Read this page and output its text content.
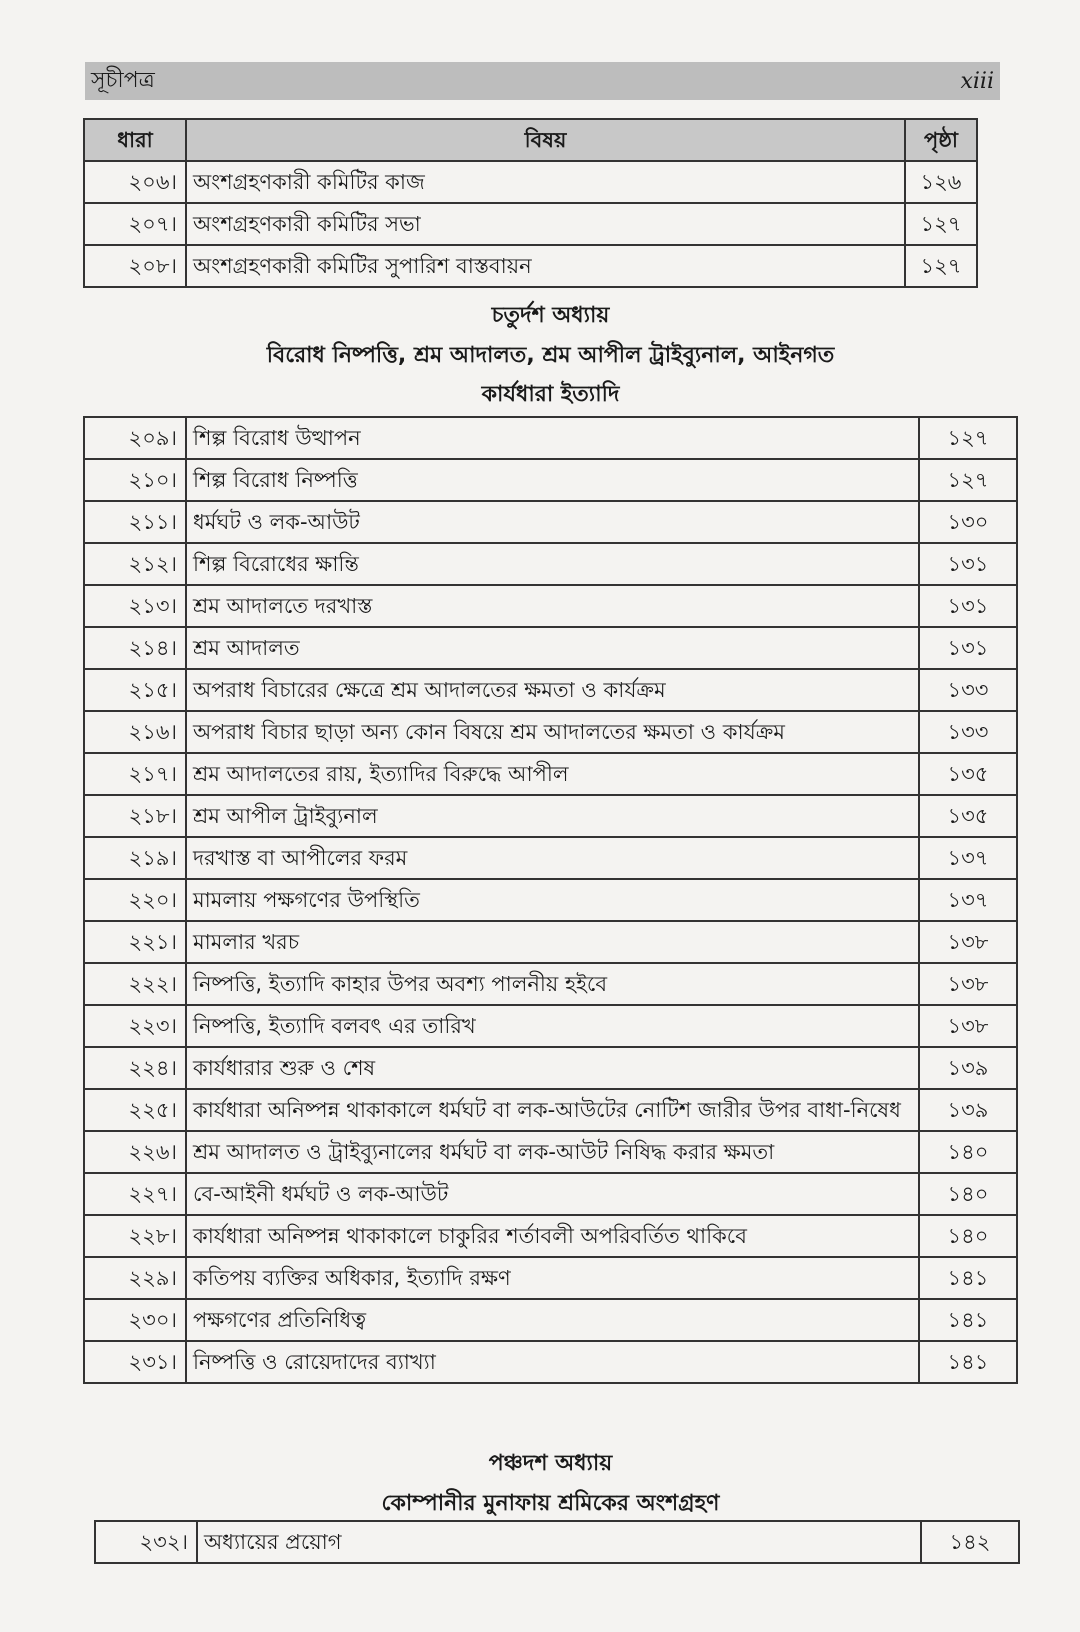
সূচীপত্র	xiii
ধারা	বিষয়	পৃষ্ঠা
২০৬।	অংশগ্রহণকারী কমিটির কাজ	১২৬
২০৭।	অংশগ্রহণকারী কমিটির সভা	১২৭
২০৮।	অংশগ্রহণকারী কমিটির সুপারিশ বাস্তবায়ন	১২৭
চতুর্দশ অধ্যায়
বিরোধ নিষ্পত্তি, শ্রম আদালত, শ্রম আপীল ট্রাইব্যুনাল, আইনগত
কার্যধারা ইত্যাদি
২০৯।	শিল্প বিরোধ উত্থাপন	১২৭
২১০।	শিল্প বিরোধ নিষ্পত্তি	১২৭
২১১।	ধর্মঘট ও লক-আউট	১৩০
২১২।	শিল্প বিরোধের ক্ষান্তি	১৩১
২১৩।	শ্রম আদালতে দরখাস্ত	১৩১
২১৪।	শ্রম আদালত	১৩১
২১৫।	অপরাধ বিচারের ক্ষেত্রে শ্রম আদালতের ক্ষমতা ও কার্যক্রম	১৩৩
২১৬।	অপরাধ বিচার ছাড়া অন্য কোন বিষয়ে শ্রম আদালতের ক্ষমতা ও কার্যক্রম	১৩৩
২১৭।	শ্রম আদালতের রায়, ইত্যাদির বিরুদ্ধে আপীল	১৩৫
২১৮।	শ্রম আপীল ট্রাইব্যুনাল	১৩৫
২১৯।	দরখাস্ত বা আপীলের ফরম	১৩৭
২২০।	মামলায় পক্ষগণের উপস্থিতি	১৩৭
২২১।	মামলার খরচ	১৩৮
২২২।	নিষ্পত্তি, ইত্যাদি কাহার উপর অবশ্য পালনীয় হইবে	১৩৮
২২৩।	নিষ্পত্তি, ইত্যাদি বলবৎ এর তারিখ	১৩৮
২২৪।	কার্যধারার শুরু ও শেষ	১৩৯
২২৫।	কার্যধারা অনিষ্পন্ন থাকাকালে ধর্মঘট বা লক-আউটের নোটিশ জারীর উপর বাধা-নিষেধ	১৩৯
২২৬।	শ্রম আদালত ও ট্রাইব্যুনালের ধর্মঘট বা লক-আউট নিষিদ্ধ করার ক্ষমতা	১৪০
২২৭।	বে-আইনী ধর্মঘট ও লক-আউট	১৪০
২২৮।	কার্যধারা অনিষ্পন্ন থাকাকালে চাকুরির শর্তাবলী অপরিবর্তিত থাকিবে	১৪০
২২৯।	কতিপয় ব্যক্তির অধিকার, ইত্যাদি রক্ষণ	১৪১
২৩০।	পক্ষগণের প্রতিনিধিত্ব	১৪১
২৩১।	নিষ্পত্তি ও রোয়েদাদের ব্যাখ্যা	১৪১
পঞ্চদশ অধ্যায়
কোম্পানীর মুনাফায় শ্রমিকের অংশগ্রহণ
২৩২।	অধ্যায়ের প্রয়োগ	১৪২
